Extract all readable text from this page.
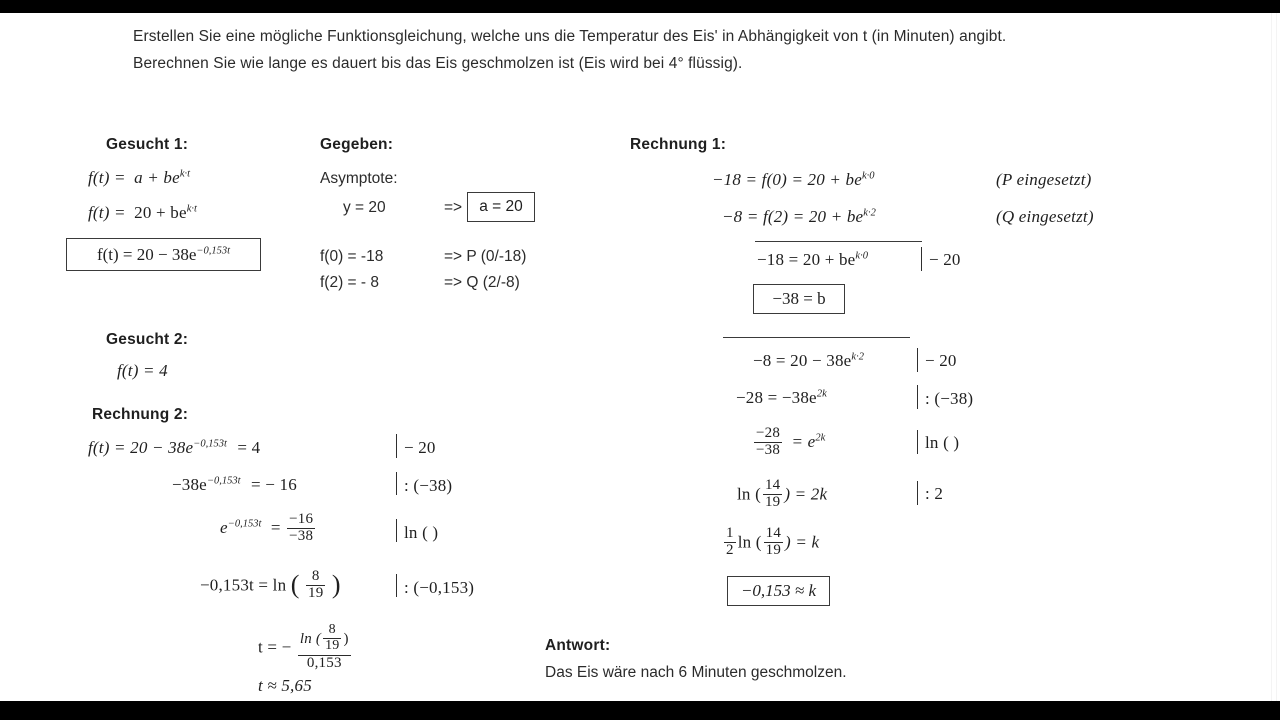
Erstellen Sie eine mögliche Funktionsgleichung, welche uns die Temperatur des Eis' in Abhängigkeit von t (in Minuten) angibt.
Berechnen Sie wie lange es dauert bis das Eis geschmolzen ist (Eis wird bei 4° flüssig).
Gesucht 1:
$f(t) = a + be^{k\cdot t}$
$f(t) = 20 + be^{k\cdot t}$
$f(t) = 20 - 38e^{-0,153t}$
Gegeben:
Asymptote:
y = 20	=>	a = 20
f(0) = -18	=> P (0/-18)
f(2) = - 8	=> Q (2/-8)
Gesucht 2:
f(t) = 4
Rechnung 2:
$f(t) = 20 - 38e^{-0,153t} = 4$	− 20
$-38e^{-0,153t}$ = − 16	: (−38)
$e^{-0,153t} = \frac{-16}{-38}$	ln ( )
−0,153t = ln ( $\frac{8}{19}$ )	: (−0,153)
t = − $\frac{\ln ( \frac{8}{19} )}{0,153}$
t ≈ 5,65
Rechnung 1:
$-18 = f(0) = 20 + be^{k\cdot 0}$	(P eingesetzt)
$-8 = f(2) = 20 + be^{k\cdot 2}$	(Q eingesetzt)
$-18 = 20 + be^{k\cdot 0}$	− 20
−38 = b
$-8 = 20 - 38e^{k\cdot 2}$	− 20
$-28 = -38e^{2k}$	: (−38)
$\frac{-28}{-38} = e^{2k}$	ln ( )
ln ( $\frac{14}{19}$ ) = 2k	: 2
$\frac{1}{2}$ ln ( $\frac{14}{19}$ ) = k
−0,153 ≈ k
Antwort:
Das Eis wäre nach 6 Minuten geschmolzen.
